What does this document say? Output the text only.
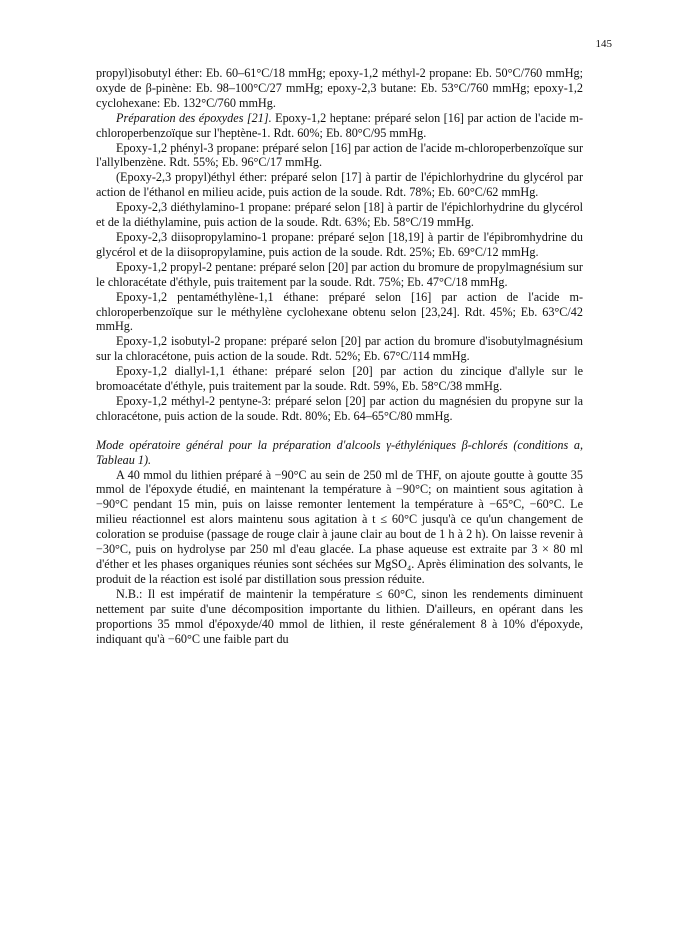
145

propyl)isobutyl éther: Eb. 60–61°C/18 mmHg; epoxy-1,2 méthyl-2 propane: Eb. 50°C/760 mmHg; oxyde de β-pinène: Eb. 98–100°C/27 mmHg; epoxy-2,3 butane: Eb. 53°C/760 mmHg; epoxy-1,2 cyclohexane: Eb. 132°C/760 mmHg.

Préparation des époxydes [21]. Epoxy-1,2 heptane: préparé selon [16] par action de l'acide m-chloroperbenzoïque sur l'heptène-1. Rdt. 60%; Eb. 80°C/95 mmHg.

Epoxy-1,2 phényl-3 propane: préparé selon [16] par action de l'acide m-chloroperbenzoïque sur l'allylbenzène. Rdt. 55%; Eb. 96°C/17 mmHg.

(Epoxy-2,3 propyl)éthyl éther: préparé selon [17] à partir de l'épichlorhydrine du glycérol par action de l'éthanol en milieu acide, puis action de la soude. Rdt. 78%; Eb. 60°C/62 mmHg.

Epoxy-2,3 diéthylamino-1 propane: préparé selon [18] à partir de l'épichlorhydrine du glycérol et de la diéthylamine, puis action de la soude. Rdt. 63%; Eb. 58°C/19 mmHg.

Epoxy-2,3 diisopropylamino-1 propane: préparé seḻon [18,19] à partir de l'épibromhydrine du glycérol et de la diisopropylamine, puis action de la soude. Rdt. 25%; Eb. 69°C/12 mmHg.

Epoxy-1,2 propyl-2 pentane: préparé selon [20] par action du bromure de propylmagnésium sur le chloracétate d'éthyle, puis traitement par la soude. Rdt. 75%; Eb. 47°C/18 mmHg.

Epoxy-1,2 pentaméthylène-1,1 éthane: préparé selon [16] par action de l'acide m-chloroperbenzoïque sur le méthylène cyclohexane obtenu selon [23,24]. Rdt. 45%; Eb. 63°C/42 mmHg.

Epoxy-1,2 isobutyl-2 propane: préparé selon [20] par action du bromure d'isobutylmagnésium sur la chloracétone, puis action de la soude. Rdt. 52%; Eb. 67°C/114 mmHg.

Epoxy-1,2 diallyl-1,1 éthane: préparé selon [20] par action du zincique d'allyle sur le bromoacétate d'éthyle, puis traitement par la soude. Rdt. 59%, Eb. 58°C/38 mmHg.

Epoxy-1,2 méthyl-2 pentyne-3: préparé selon [20] par action du magnésien du propyne sur la chloracétone, puis action de la soude. Rdt. 80%; Eb. 64–65°C/80 mmHg.

Mode opératoire général pour la préparation d'alcools γ-éthyléniques β-chlorés (conditions a, Tableau 1).

A 40 mmol du lithien préparé à −90°C au sein de 250 ml de THF, on ajoute goutte à goutte 35 mmol de l'époxyde étudié, en maintenant la température à −90°C; on maintient sous agitation à −90°C pendant 15 min, puis on laisse remonter lentement la température à −65°C, −60°C. Le milieu réactionnel est alors maintenu sous agitation à t ≤ 60°C jusqu'à ce qu'un changement de coloration se produise (passage de rouge clair à jaune clair au bout de 1 h à 2 h). On laisse revenir à −30°C, puis on hydrolyse par 250 ml d'eau glacée. La phase aqueuse est extraite par 3 × 80 ml d'éther et les phases organiques réunies sont séchées sur MgSO₄. Après élimination des solvants, le produit de la réaction est isolé par distillation sous pression réduite.

N.B.: Il est impératif de maintenir la température ≤ 60°C, sinon les rendements diminuent nettement par suite d'une décomposition importante du lithien. D'ailleurs, en opérant dans les proportions 35 mmol d'époxyde/40 mmol de lithien, il reste généralement 8 à 10% d'époxyde, indiquant qu'à −60°C une faible part du
